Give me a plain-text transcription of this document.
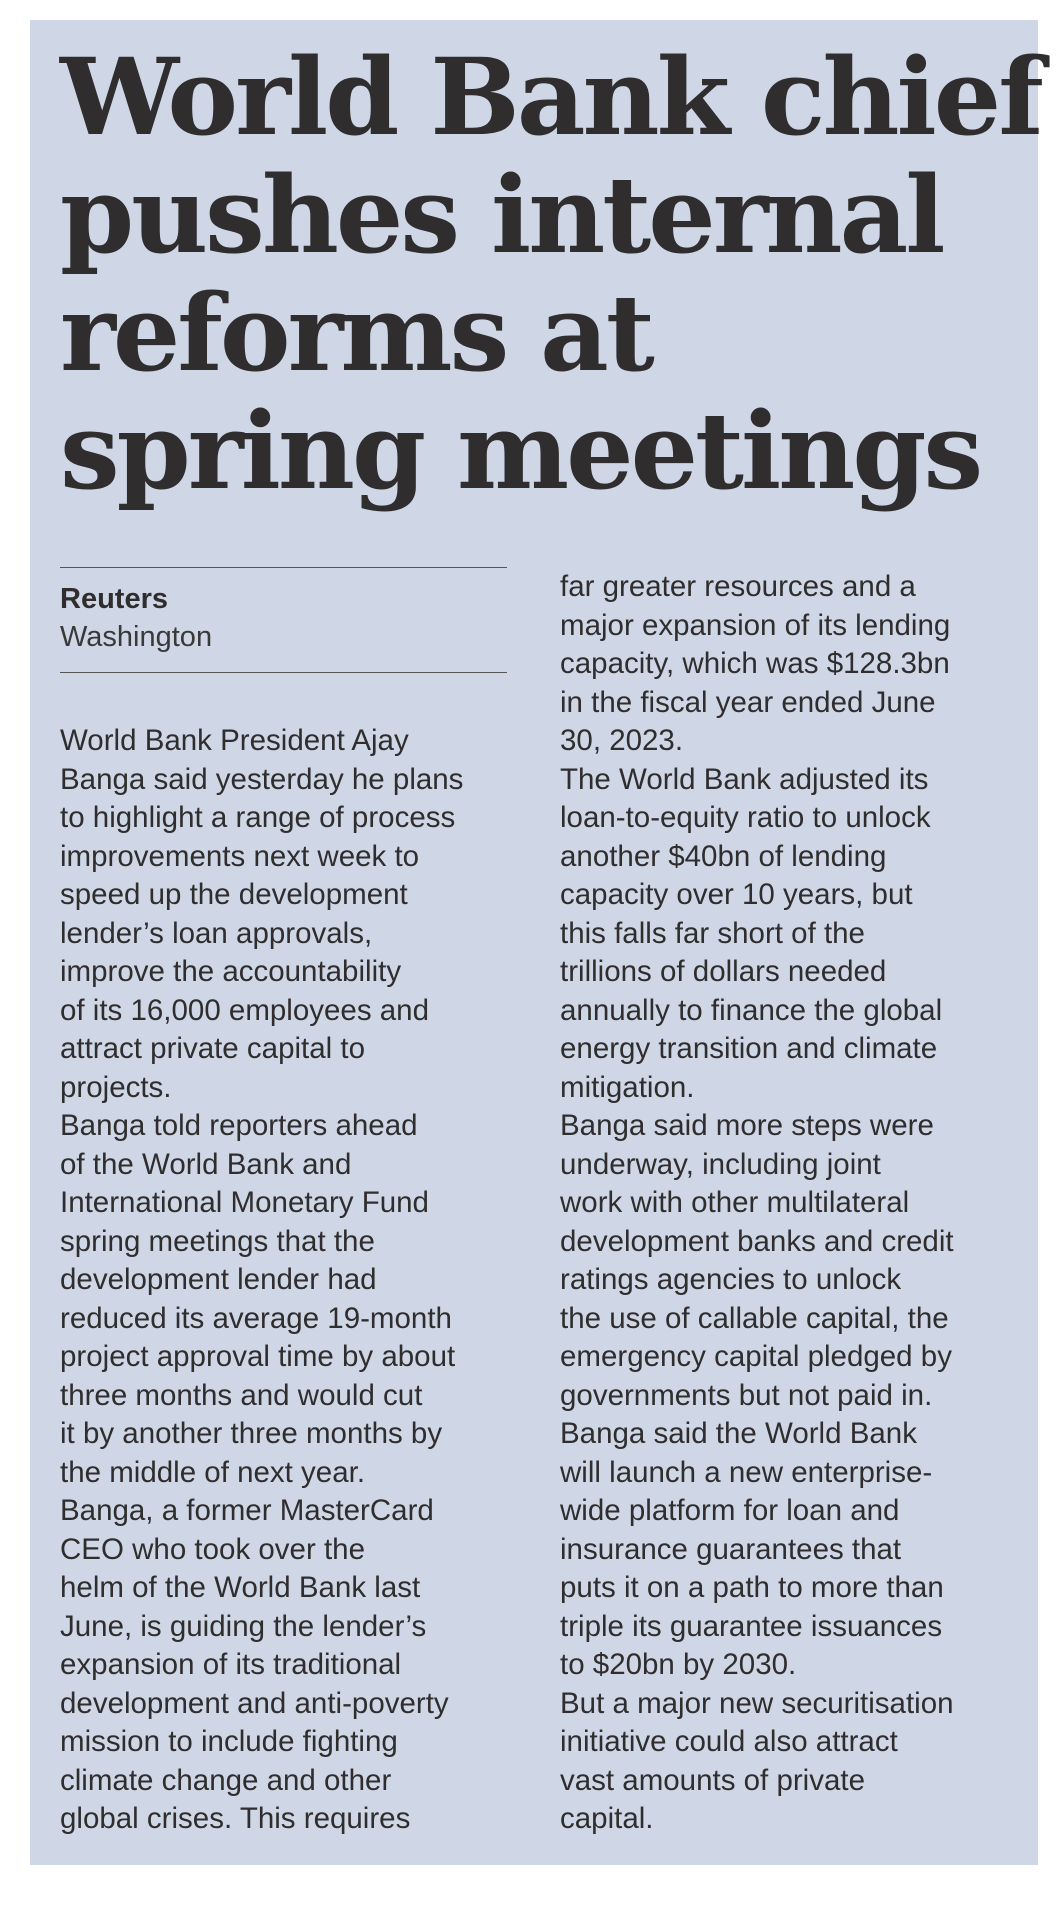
World Bank chief
pushes internal
reforms at
spring meetings
Reuters
Washington
World Bank President Ajay
Banga said yesterday he plans
to highlight a range of process
improvements next week to
speed up the development
lender’s loan approvals,
improve the accountability
of its 16,000 employees and
attract private capital to
projects.
Banga told reporters ahead
of the World Bank and
International Monetary Fund
spring meetings that the
development lender had
reduced its average 19-month
project approval time by about
three months and would cut
it by another three months by
the middle of next year.
Banga, a former MasterCard
CEO who took over the
helm of the World Bank last
June, is guiding the lender’s
expansion of its traditional
development and anti-poverty
mission to include fighting
climate change and other
global crises. This requires
far greater resources and a
major expansion of its lending
capacity, which was $128.3bn
in the fiscal year ended June
30, 2023.
The World Bank adjusted its
loan-to-equity ratio to unlock
another $40bn of lending
capacity over 10 years, but
this falls far short of the
trillions of dollars needed
annually to finance the global
energy transition and climate
mitigation.
Banga said more steps were
underway, including joint
work with other multilateral
development banks and credit
ratings agencies to unlock
the use of callable capital, the
emergency capital pledged by
governments but not paid in.
Banga said the World Bank
will launch a new enterprise-
wide platform for loan and
insurance guarantees that
puts it on a path to more than
triple its guarantee issuances
to $20bn by 2030.
But a major new securitisation
initiative could also attract
vast amounts of private
capital.
